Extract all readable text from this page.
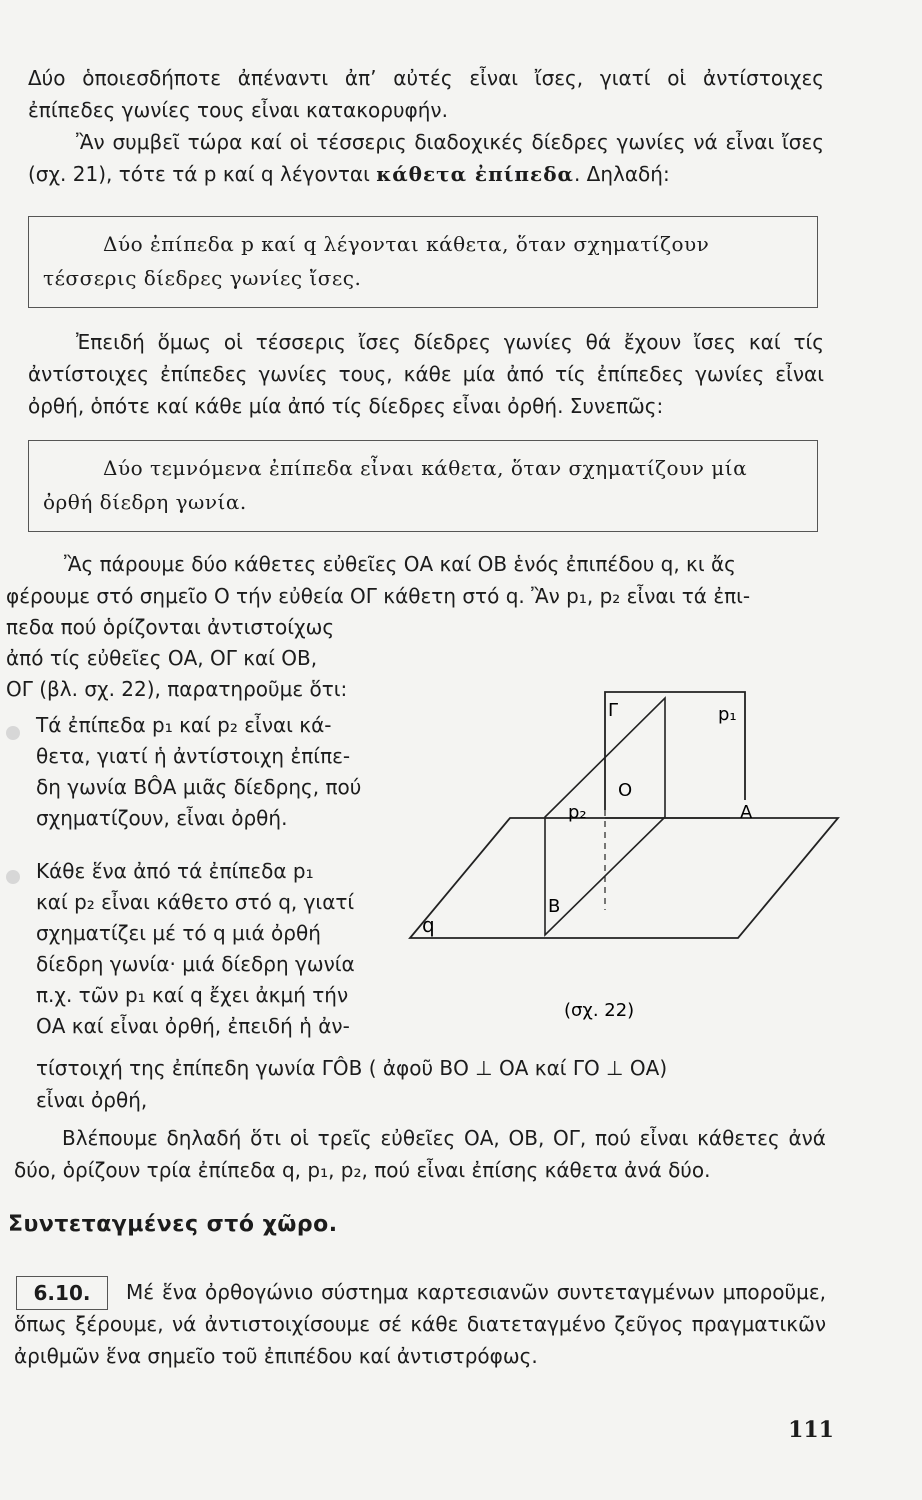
Δύο ὁποιεσδήποτε ἀπέναντι ἀπ’ αὐτές εἶναι ἴσες, γιατί οἱ ἀντίστοιχες ἐπίπεδες γωνίες τους εἶναι κατακορυφήν.

Ἂν συμβεῖ τώρα καί οἱ τέσσερις διαδοχικές δίεδρες γωνίες νά εἶναι ἴσες (σχ. 21), τότε τά p καί q λέγονται κάθετα ἐπίπεδα. Δηλαδή:

Δύο ἐπίπεδα p καί q λέγονται κάθετα, ὅταν σχηματίζουν τέσσερις δίεδρες γωνίες ἴσες.

Ἐπειδή ὅμως οἱ τέσσερις ἴσες δίεδρες γωνίες θά ἔχουν ἴσες καί τίς ἀντίστοιχες ἐπίπεδες γωνίες τους, κάθε μία ἀπό τίς ἐπίπεδες γωνίες εἶναι ὀρθή, ὁπότε καί κάθε μία ἀπό τίς δίεδρες εἶναι ὀρθή. Συνεπῶς:

Δύο τεμνόμενα ἐπίπεδα εἶναι κάθετα, ὅταν σχηματίζουν μία ὀρθή δίεδρη γωνία.

Ἂς πάρουμε δύο κάθετες εὐθεῖες ΟΑ καί ΟΒ ἑνός ἐπιπέδου q, κι ἄς
φέρουμε στό σημεῖο Ο τήν εὐθεία ΟΓ κάθετη στό q. Ἂν p₁, p₂ εἶναι τά ἐπι-

πεδα πού ὁρίζονται ἀντιστοίχως
ἀπό τίς εὐθεῖες ΟΑ, ΟΓ καί ΟΒ,
ΟΓ (βλ. σχ. 22), παρατηροῦμε ὅτι:
Τά ἐπίπεδα p₁ καί p₂ εἶναι κά-
θετα, γιατί ἡ ἀντίστοιχη ἐπίπε-
δη γωνία ΒÔΑ μιᾶς δίεδρης, πού
σχηματίζουν, εἶναι ὀρθή.
Κάθε ἕνα ἀπό τά ἐπίπεδα p₁
καί p₂ εἶναι κάθετο στό q, γιατί
σχηματίζει μέ τό q μιά ὀρθή
δίεδρη γωνία· μιά δίεδρη γωνία
π.χ. τῶν p₁ καί q ἔχει ἀκμή τήν
ΟΑ καί εἶναι ὀρθή, ἐπειδή ἡ ἀν-
τίστοιχή της ἐπίπεδη γωνία ΓÔΒ ( ἀφοῦ ΒΟ ⊥ ΟΑ καί ΓΟ ⊥ ΟΑ)
εἶναι ὀρθή,

Βλέπουμε δηλαδή ὅτι οἱ τρεῖς εὐθεῖες ΟΑ, ΟΒ, ΟΓ, πού εἶναι κάθετες ἀνά δύο, ὁρίζουν τρία ἐπίπεδα q, p₁, p₂, πού εἶναι ἐπίσης κάθετα ἀνά δύο.

Γ	p₁
p₂
Ο
Α
Β
q
(σχ. 22)
Συντεταγμένες στό χῶρο.
6.10.	Μέ ἕνα ὀρθογώνιο σύστημα καρτεσιανῶν συντεταγμένων μποροῦμε, ὅπως ξέρουμε, νά ἀντιστοιχίσουμε σέ κάθε διατεταγμένο ζεῦγος πραγματικῶν ἀριθμῶν ἕνα σημεῖο τοῦ ἐπιπέδου καί ἀντιστρόφως.

111
